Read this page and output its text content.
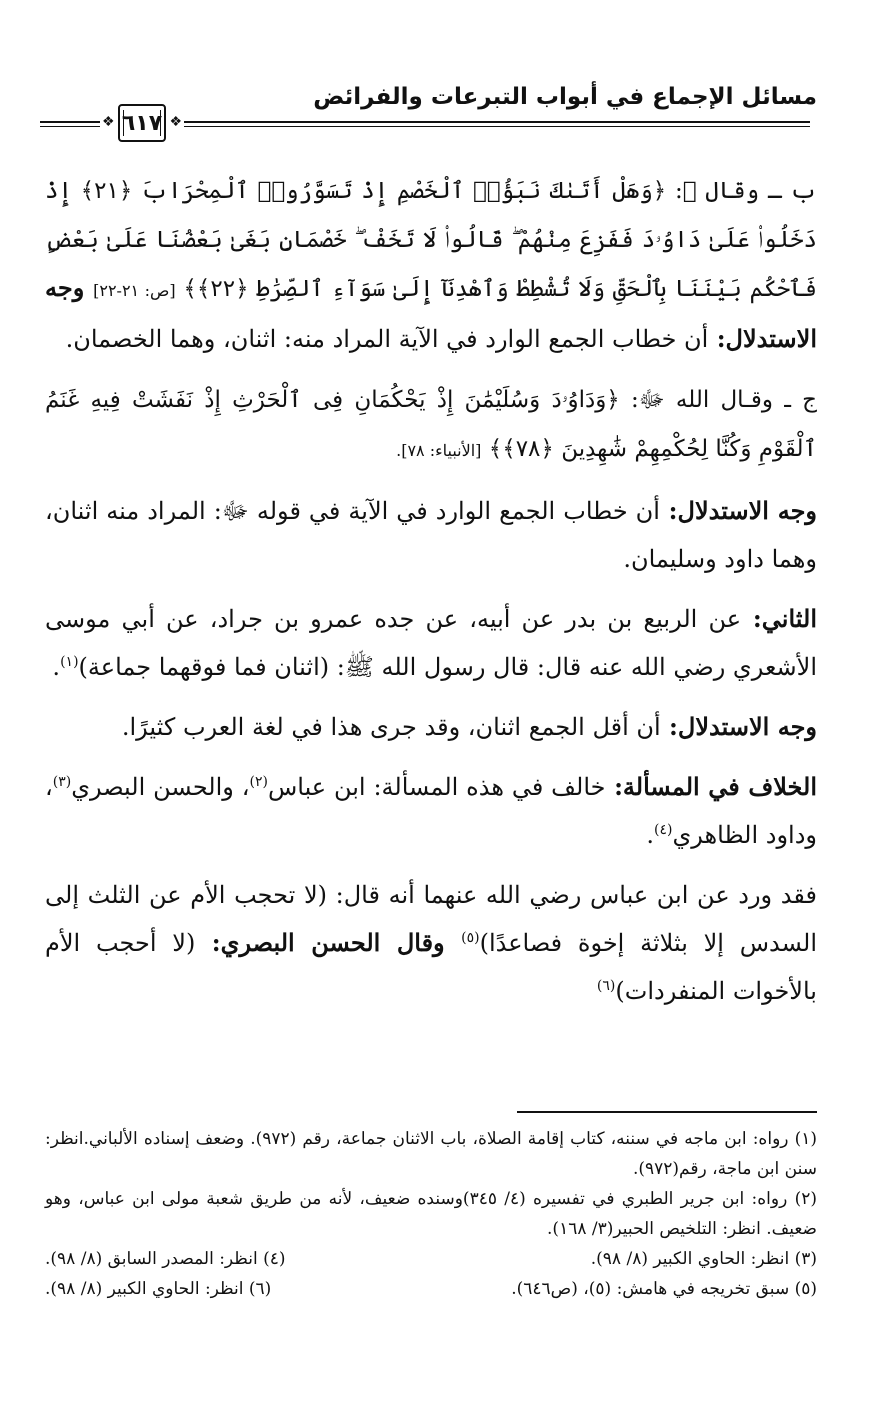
مسائل الإجماع في أبواب التبرعات والفرائض
❖ ٦١٧ ❖

ب ـ وقال ﷻ: ﴿وَهَلْ أَتَىٰكَ نَبَؤُا۟ ٱلْخَصْمِ إِذْ تَسَوَّرُوا۟ ٱلْمِحْرَابَ ﴿٢١﴾ إِذْ دَخَلُوا۟ عَلَىٰ دَاوُۥدَ فَفَزِعَ مِنْهُمْ ۖ قَالُوا۟ لَا تَخَفْ ۖ خَصْمَانِ بَغَىٰ بَعْضُنَا عَلَىٰ بَعْضٍ فَٱحْكُم بَيْنَنَا بِٱلْحَقِّ وَلَا تُشْطِطْ وَٱهْدِنَآ إِلَىٰ سَوَآءِ ٱلصِّرَٰطِ ﴿٢٢﴾﴾ [ص: ٢١-٢٢] وجه الاستدلال: أن خطاب الجمع الوارد في الآية المراد منه: اثنان، وهما الخصمان.

ج ـ وقـال الله ﷻ: ﴿وَدَاوُۥدَ وَسُلَيْمَٰنَ إِذْ يَحْكُمَانِ فِى ٱلْحَرْثِ إِذْ نَفَشَتْ فِيهِ غَنَمُ ٱلْقَوْمِ وَكُنَّا لِحُكْمِهِمْ شَٰهِدِينَ ﴿٧٨﴾﴾ [الأنبياء: ٧٨].

وجه الاستدلال: أن خطاب الجمع الوارد في الآية في قوله ﷻ: المراد منه اثنان، وهما داود وسليمان.

الثاني: عن الربيع بن بدر عن أبيه، عن جده عمرو بن جراد، عن أبي موسى الأشعري رضي الله عنه قال: قال رسول الله ﷺ: (اثنان فما فوقهما جماعة)$^{(١)}$.

وجه الاستدلال: أن أقل الجمع اثنان، وقد جرى هذا في لغة العرب كثيرًا.

الخلاف في المسألة: خالف في هذه المسألة: ابن عباس$^{(٢)}$، والحسن البصري$^{(٣)}$، وداود الظاهري$^{(٤)}$.

فقد ورد عن ابن عباس رضي الله عنهما أنه قال: (لا تحجب الأم عن الثلث إلى السدس إلا بثلاثة إخوة فصاعدًا)$^{(٥)}$ وقال الحسن البصري: (لا أحجب الأم بالأخوات المنفردات)$^{(٦)}$

(١) رواه: ابن ماجه في سننه، كتاب إقامة الصلاة، باب الاثنان جماعة، رقم (٩٧٢). وضعف إسناده الألباني.انظر: سنن ابن ماجة، رقم(٩٧٢).

(٢) رواه: ابن جرير الطبري في تفسيره (٤/ ٣٤٥)وسنده ضعيف، لأنه من طريق شعبة مولى ابن عباس، وهو ضعيف. انظر: التلخيص الحبير(٣/ ١٦٨).

(٣) انظر: الحاوي الكبير (٨/ ٩٨).

(٤) انظر: المصدر السابق (٨/ ٩٨).

(٥) سبق تخريجه في هامش: (٥)، (ص٦٤٦).

(٦) انظر: الحاوي الكبير (٨/ ٩٨).
